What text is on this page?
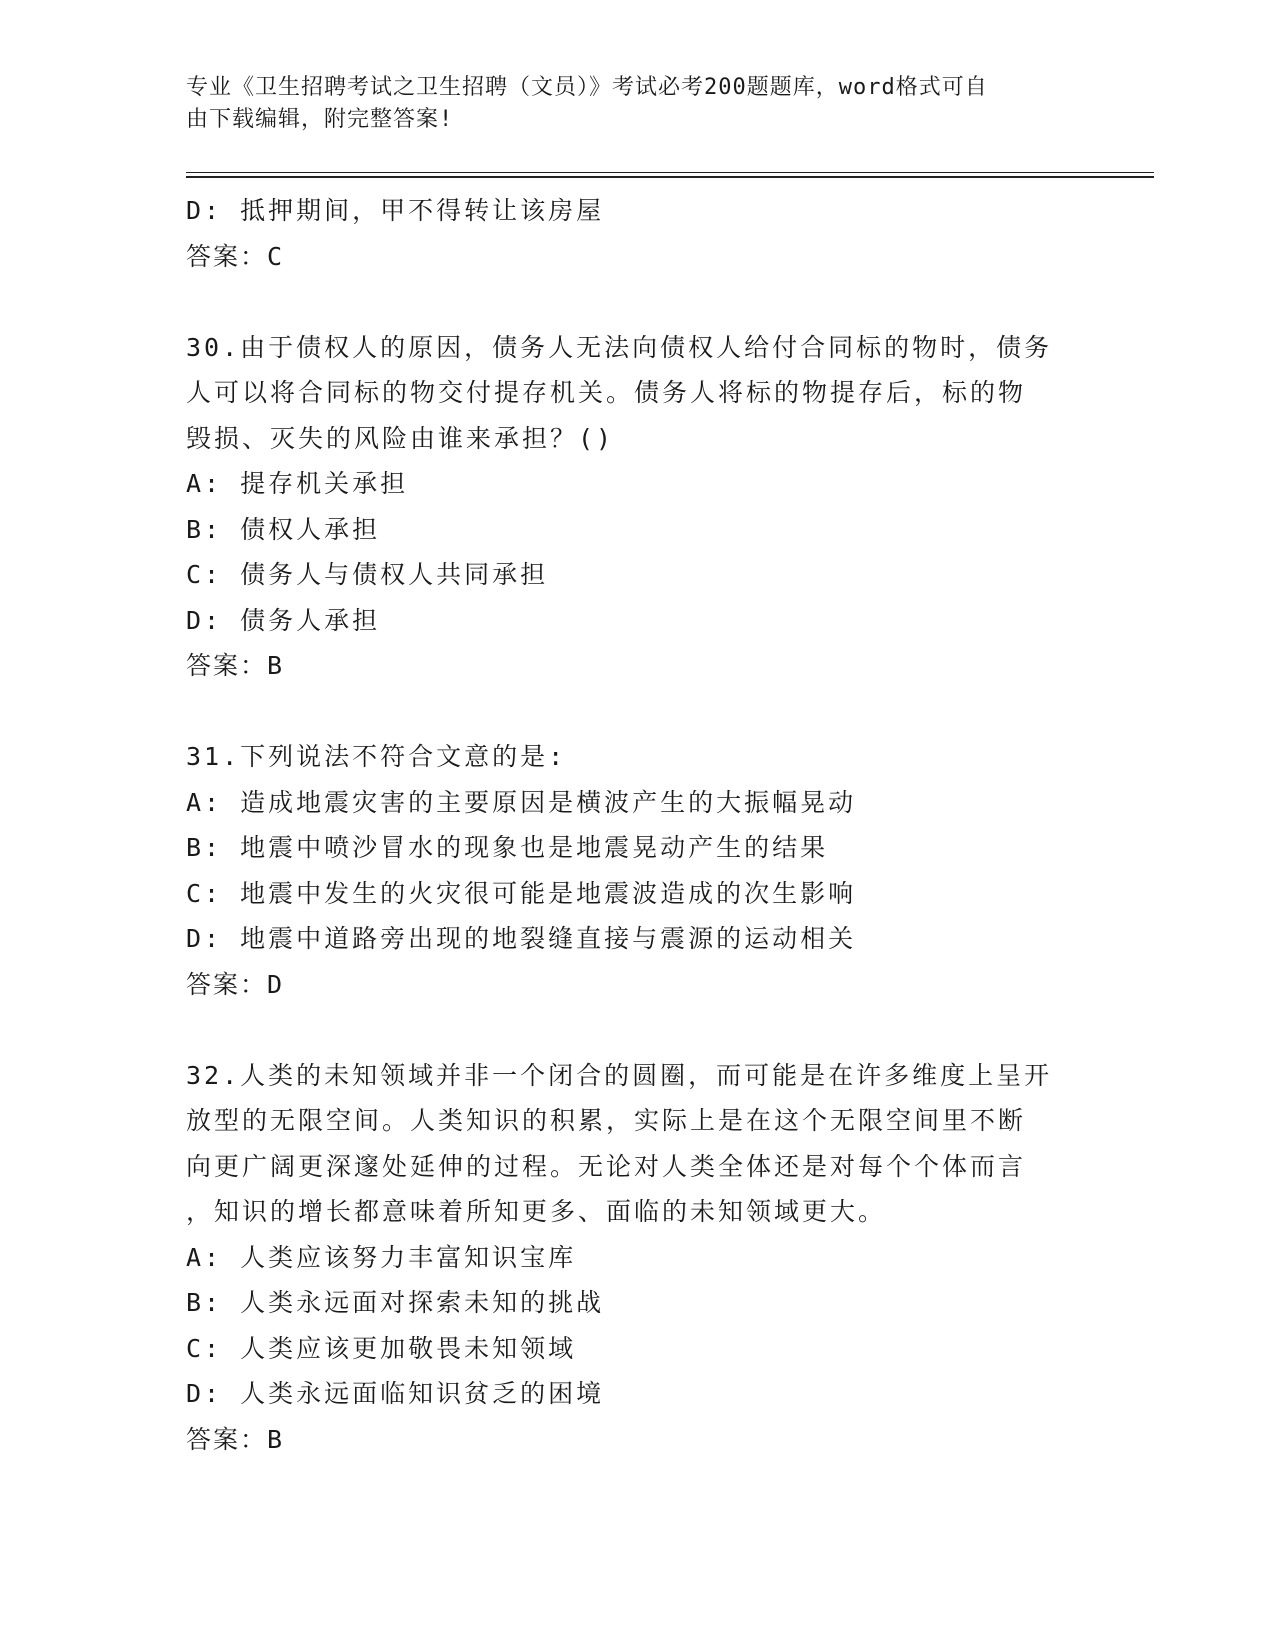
专业《卫生招聘考试之卫生招聘（文员）》考试必考200题题库，word格式可自
由下载编辑，附完整答案!
D: 抵押期间，甲不得转让该房屋
答案：C
30.由于债权人的原因，债务人无法向债权人给付合同标的物时，债务
人可以将合同标的物交付提存机关。债务人将标的物提存后，标的物
毁损、灭失的风险由谁来承担？()
A: 提存机关承担
B: 债权人承担
C: 债务人与债权人共同承担
D: 债务人承担
答案：B
31.下列说法不符合文意的是:
A: 造成地震灾害的主要原因是横波产生的大振幅晃动
B: 地震中喷沙冒水的现象也是地震晃动产生的结果
C: 地震中发生的火灾很可能是地震波造成的次生影响
D: 地震中道路旁出现的地裂缝直接与震源的运动相关
答案：D
32.人类的未知领域并非一个闭合的圆圈，而可能是在许多维度上呈开
放型的无限空间。人类知识的积累，实际上是在这个无限空间里不断
向更广阔更深邃处延伸的过程。无论对人类全体还是对每个个体而言
，知识的增长都意味着所知更多、面临的未知领域更大。
A: 人类应该努力丰富知识宝库
B: 人类永远面对探索未知的挑战
C: 人类应该更加敬畏未知领域
D: 人类永远面临知识贫乏的困境
答案：B
